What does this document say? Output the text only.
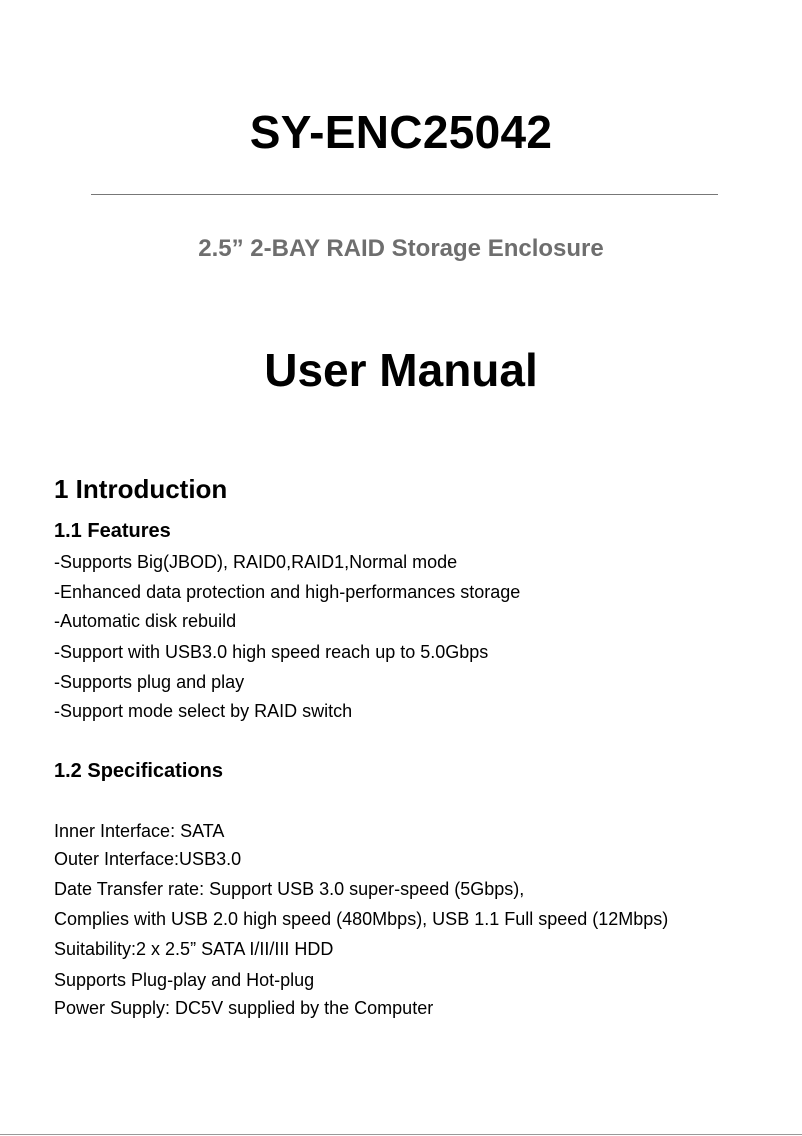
SY-ENC25042
2.5” 2-BAY RAID Storage Enclosure
User Manual
1 Introduction
1.1 Features
-Supports Big(JBOD), RAID0,RAID1,Normal mode
-Enhanced data protection and high-performances storage
-Automatic disk rebuild
-Support with USB3.0 high speed reach up to 5.0Gbps
-Supports plug and play
-Support mode select by RAID switch
1.2 Specifications
Inner Interface: SATA
Outer Interface:USB3.0
Date Transfer rate: Support USB 3.0 super-speed (5Gbps),
Complies with USB 2.0 high speed (480Mbps), USB 1.1 Full speed (12Mbps)
Suitability:2 x 2.5” SATA I/II/III HDD
Supports Plug-play and Hot-plug
Power Supply: DC5V supplied by the Computer
